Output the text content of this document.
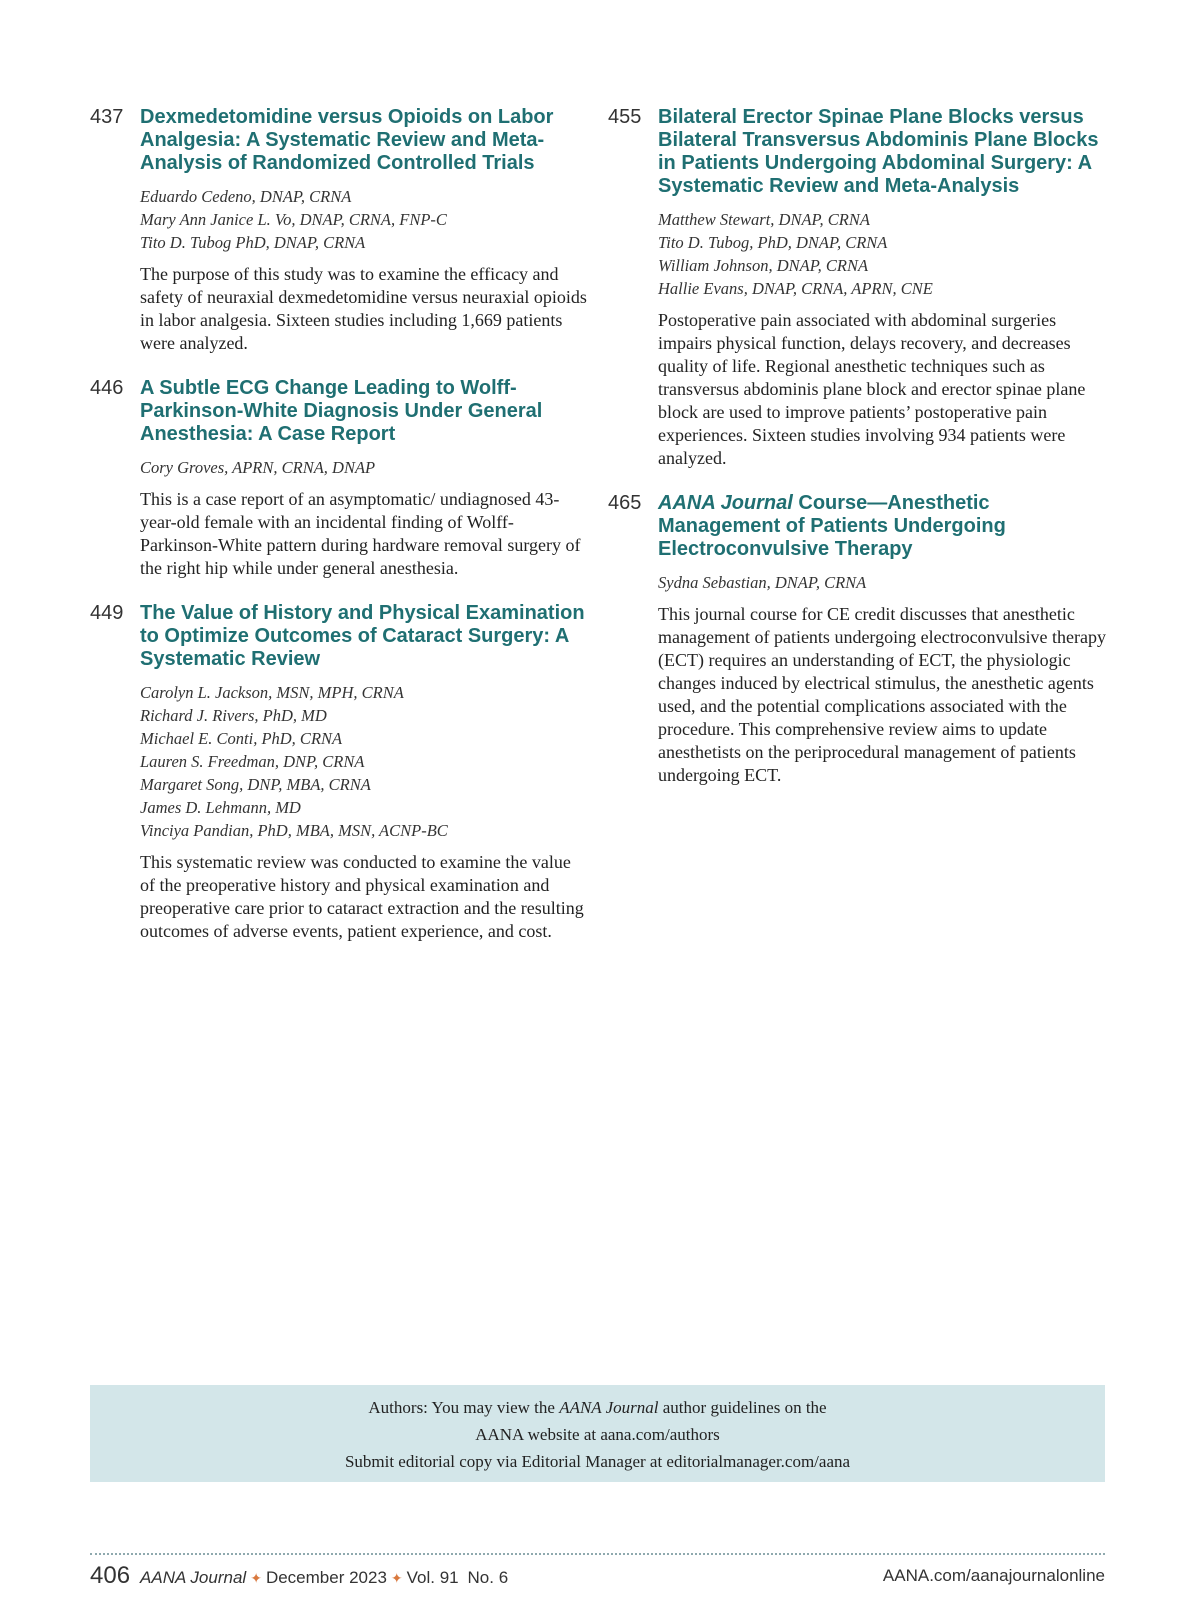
437 Dexmedetomidine versus Opioids on Labor Analgesia: A Systematic Review and Meta-Analysis of Randomized Controlled Trials
Eduardo Cedeno, DNAP, CRNA
Mary Ann Janice L. Vo, DNAP, CRNA, FNP-C
Tito D. Tubog PhD, DNAP, CRNA

The purpose of this study was to examine the efficacy and safety of neuraxial dexmedetomidine versus neuraxial opioids in labor analgesia. Sixteen studies including 1,669 patients were analyzed.

446 A Subtle ECG Change Leading to Wolff-Parkinson-White Diagnosis Under General Anesthesia: A Case Report
Cory Groves, APRN, CRNA, DNAP

This is a case report of an asymptomatic/ undiagnosed 43-year-old female with an incidental finding of Wolff-Parkinson-White pattern during hardware removal surgery of the right hip while under general anesthesia.

449 The Value of History and Physical Examination to Optimize Outcomes of Cataract Surgery: A Systematic Review
Carolyn L. Jackson, MSN, MPH, CRNA
Richard J. Rivers, PhD, MD
Michael E. Conti, PhD, CRNA
Lauren S. Freedman, DNP, CRNA
Margaret Song, DNP, MBA, CRNA
James D. Lehmann, MD
Vinciya Pandian, PhD, MBA, MSN, ACNP-BC

This systematic review was conducted to examine the value of the preoperative history and physical examination and preoperative care prior to cataract extraction and the resulting outcomes of adverse events, patient experience, and cost.

455 Bilateral Erector Spinae Plane Blocks versus Bilateral Transversus Abdominis Plane Blocks in Patients Undergoing Abdominal Surgery: A Systematic Review and Meta-Analysis
Matthew Stewart, DNAP, CRNA
Tito D. Tubog, PhD, DNAP, CRNA
William Johnson, DNAP, CRNA
Hallie Evans, DNAP, CRNA, APRN, CNE

Postoperative pain associated with abdominal surgeries impairs physical function, delays recovery, and decreases quality of life. Regional anesthetic techniques such as transversus abdominis plane block and erector spinae plane block are used to improve patients’ postoperative pain experiences. Sixteen studies involving 934 patients were analyzed.

465 AANA Journal Course—Anesthetic Management of Patients Undergoing Electroconvulsive Therapy
Sydna Sebastian, DNAP, CRNA

This journal course for CE credit discusses that anesthetic management of patients undergoing electroconvulsive therapy (ECT) requires an understanding of ECT, the physiologic changes induced by electrical stimulus, the anesthetic agents used, and the potential complications associated with the procedure. This comprehensive review aims to update anesthetists on the periprocedural management of patients undergoing ECT.

Authors: You may view the AANA Journal author guidelines on the
AANA website at aana.com/authors
Submit editorial copy via Editorial Manager at editorialmanager.com/aana
406 AANA Journal ✦ December 2023 ✦ Vol. 91 No. 6	AANA.com/aanajournalonline
